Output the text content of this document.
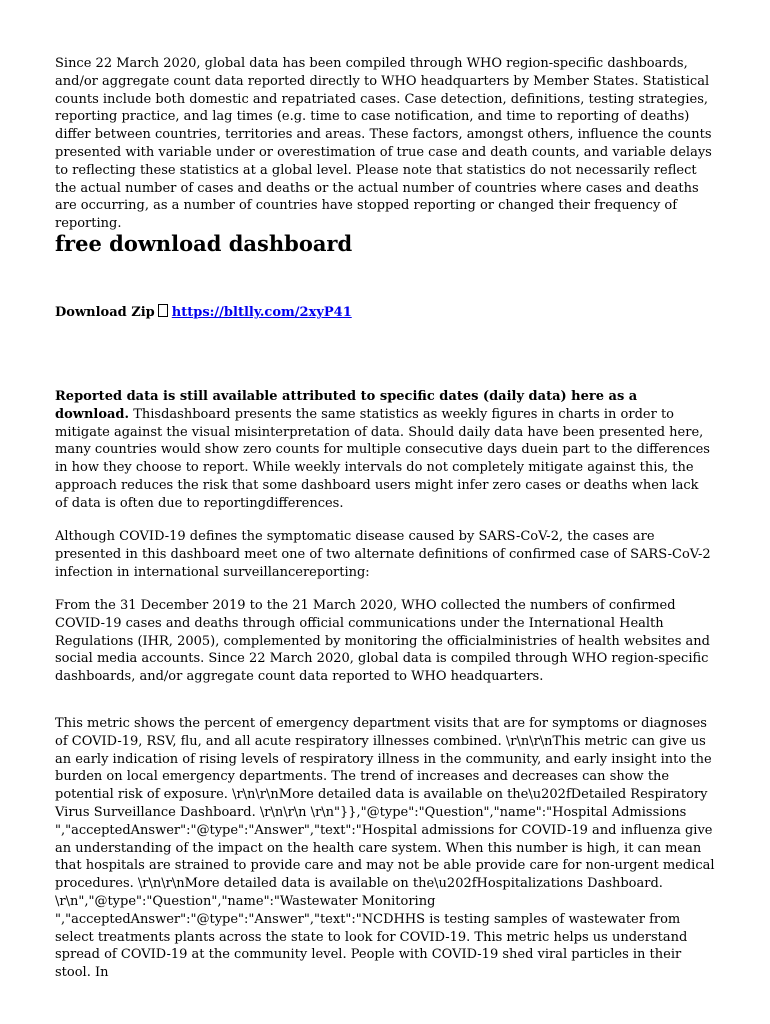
Since 22 March 2020, global data has been compiled through WHO region-specific dashboards, and/or aggregate count data reported directly to WHO headquarters by Member States. Statistical counts include both domestic and repatriated cases. Case detection, definitions, testing strategies, reporting practice, and lag times (e.g. time to case notification, and time to reporting of deaths) differ between countries, territories and areas. These factors, amongst others, influence the counts presented with variable under or overestimation of true case and death counts, and variable delays to reflecting these statistics at a global level. Please note that statistics do not necessarily reflect the actual number of cases and deaths or the actual number of countries where cases and deaths are occurring, as a number of countries have stopped reporting or changed their frequency of reporting.

free download dashboard

Download Zip https://bltlly.com/2xyP41

Reported data is still available attributed to specific dates (daily data) here as a download. Thisdashboard presents the same statistics as weekly figures in charts in order to mitigate against the visual misinterpretation of data. Should daily data have been presented here, many countries would show zero counts for multiple consecutive days duein part to the differences in how they choose to report. While weekly intervals do not completely mitigate against this, the approach reduces the risk that some dashboard users might infer zero cases or deaths when lack of data is often due to reportingdifferences.

Although COVID-19 defines the symptomatic disease caused by SARS-CoV-2, the cases are presented in this dashboard meet one of two alternate definitions of confirmed case of SARS-CoV-2 infection in international surveillancereporting:

From the 31 December 2019 to the 21 March 2020, WHO collected the numbers of confirmed COVID-19 cases and deaths through official communications under the International Health Regulations (IHR, 2005), complemented by monitoring the officialministries of health websites and social media accounts. Since 22 March 2020, global data is compiled through WHO region-specific dashboards, and/or aggregate count data reported to WHO headquarters.

This metric shows the percent of emergency department visits that are for symptoms or diagnoses of COVID-19, RSV, flu, and all acute respiratory illnesses combined. \r\n\r\nThis metric can give us an early indication of rising levels of respiratory illness in the community, and early insight into the burden on local emergency departments. The trend of increases and decreases can show the potential risk of exposure. \r\n\r\nMore detailed data is available on the\u202fDetailed Respiratory Virus Surveillance Dashboard. \r\n\r\n \r\n"}},"@type":"Question","name":"Hospital Admissions ","acceptedAnswer":"@type":"Answer","text":"Hospital admissions for COVID-19 and influenza give an understanding of the impact on the health care system. When this number is high, it can mean that hospitals are strained to provide care and may not be able provide care for non-urgent medical procedures. \r\n\r\nMore detailed data is available on the\u202fHospitalizations Dashboard. \r\n","@type":"Question","name":"Wastewater Monitoring ","acceptedAnswer":"@type":"Answer","text":"NCDHHS is testing samples of wastewater from select treatments plants across the state to look for COVID-19. This metric helps us understand spread of COVID-19 at the community level. People with COVID-19 shed viral particles in their stool. In
